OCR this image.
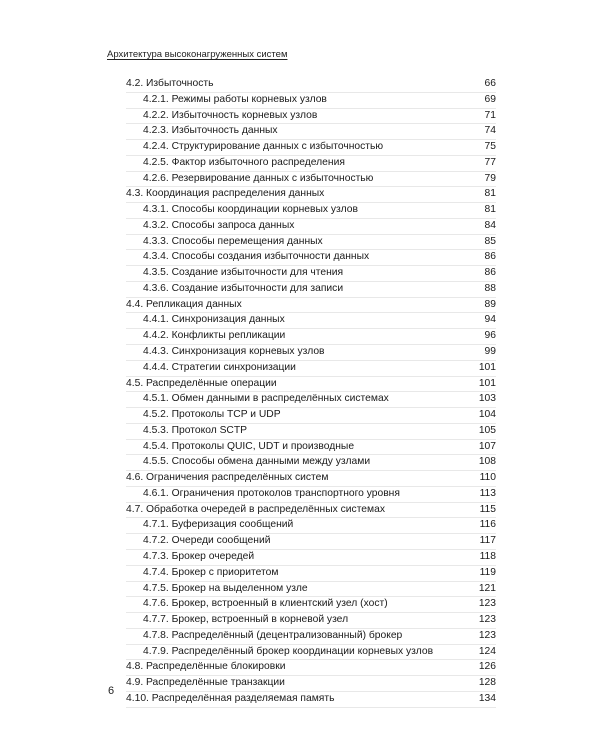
Архитектура высоконагруженных систем
4.2. Избыточность	66
4.2.1. Режимы работы корневых узлов	69
4.2.2. Избыточность корневых узлов	71
4.2.3. Избыточность данных	74
4.2.4. Структурирование данных с избыточностью	75
4.2.5. Фактор избыточного распределения	77
4.2.6. Резервирование данных с избыточностью	79
4.3. Координация распределения данных	81
4.3.1. Способы координации корневых узлов	81
4.3.2. Способы запроса данных	84
4.3.3. Способы перемещения данных	85
4.3.4. Способы создания избыточности данных	86
4.3.5. Создание избыточности для чтения	86
4.3.6. Создание избыточности для записи	88
4.4. Репликация данных	89
4.4.1. Синхронизация данных	94
4.4.2. Конфликты репликации	96
4.4.3. Синхронизация корневых узлов	99
4.4.4. Стратегии синхронизации	101
4.5. Распределённые операции	101
4.5.1. Обмен данными в распределённых системах	103
4.5.2. Протоколы TCP и UDP	104
4.5.3. Протокол SCTP	105
4.5.4. Протоколы QUIC, UDT и производные	107
4.5.5. Способы обмена данными между узлами	108
4.6. Ограничения распределённых систем	110
4.6.1. Ограничения протоколов транспортного уровня	113
4.7. Обработка очередей в распределённых системах	115
4.7.1. Буферизация сообщений	116
4.7.2. Очереди сообщений	117
4.7.3. Брокер очередей	118
4.7.4. Брокер с приоритетом	119
4.7.5. Брокер на выделенном узле	121
4.7.6. Брокер, встроенный в клиентский узел (хост)	123
4.7.7. Брокер, встроенный в корневой узел	123
4.7.8. Распределённый (децентрализованный) брокер	123
4.7.9. Распределённый брокер координации корневых узлов	124
4.8. Распределённые блокировки	126
4.9. Распределённые транзакции	128
4.10. Распределённая разделяемая память	134
6
